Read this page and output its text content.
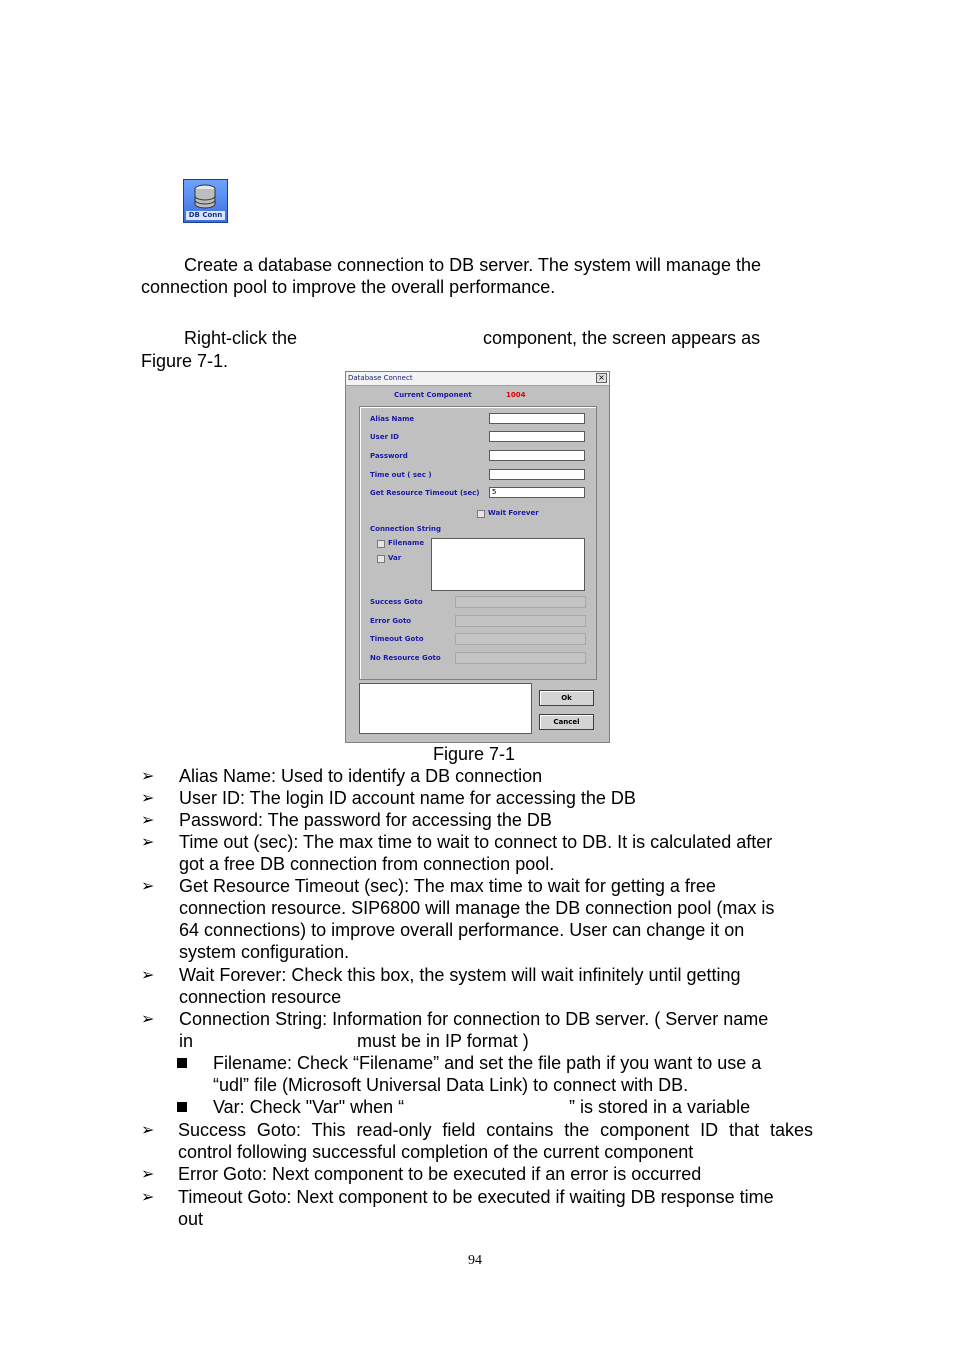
DB Conn
Create a database connection to DB server. The system will manage the
connection pool to improve the overall performance.
Right-click the	component, the screen appears as
Figure 7-1.
Database Connect	×
Current Component	1004
Alias Name
User ID
Password
Time out ( sec )
Get Resource Timeout (sec)	5
Wait Forever
Connection String
Filename
Var
Success Goto
Error Goto
Timeout Goto
No Resource Goto
Ok
Cancel
Figure 7-1
➢ Alias Name: Used to identify a DB connection
➢ User ID: The login ID account name for accessing the DB
➢ Password: The password for accessing the DB
➢ Time out (sec): The max time to wait to connect to DB. It is calculated after
got a free DB connection from connection pool.
➢ Get Resource Timeout (sec): The max time to wait for getting a free
connection resource. SIP6800 will manage the DB connection pool (max is
64 connections) to improve overall performance. User can change it on
system configuration.
➢ Wait Forever: Check this box, the system will wait infinitely until getting
connection resource
➢ Connection String: Information for connection to DB server. ( Server name
in	must be in IP format )
Filename: Check “Filename” and set the file path if you want to use a
“udl” file (Microsoft Universal Data Link) to connect with DB.
Var: Check "Var" when “	” is stored in a variable
➢ Success Goto: This read-only field contains the component ID that takes
control following successful completion of the current component
➢ Error Goto: Next component to be executed if an error is occurred
➢ Timeout Goto: Next component to be executed if waiting DB response time
out
94
